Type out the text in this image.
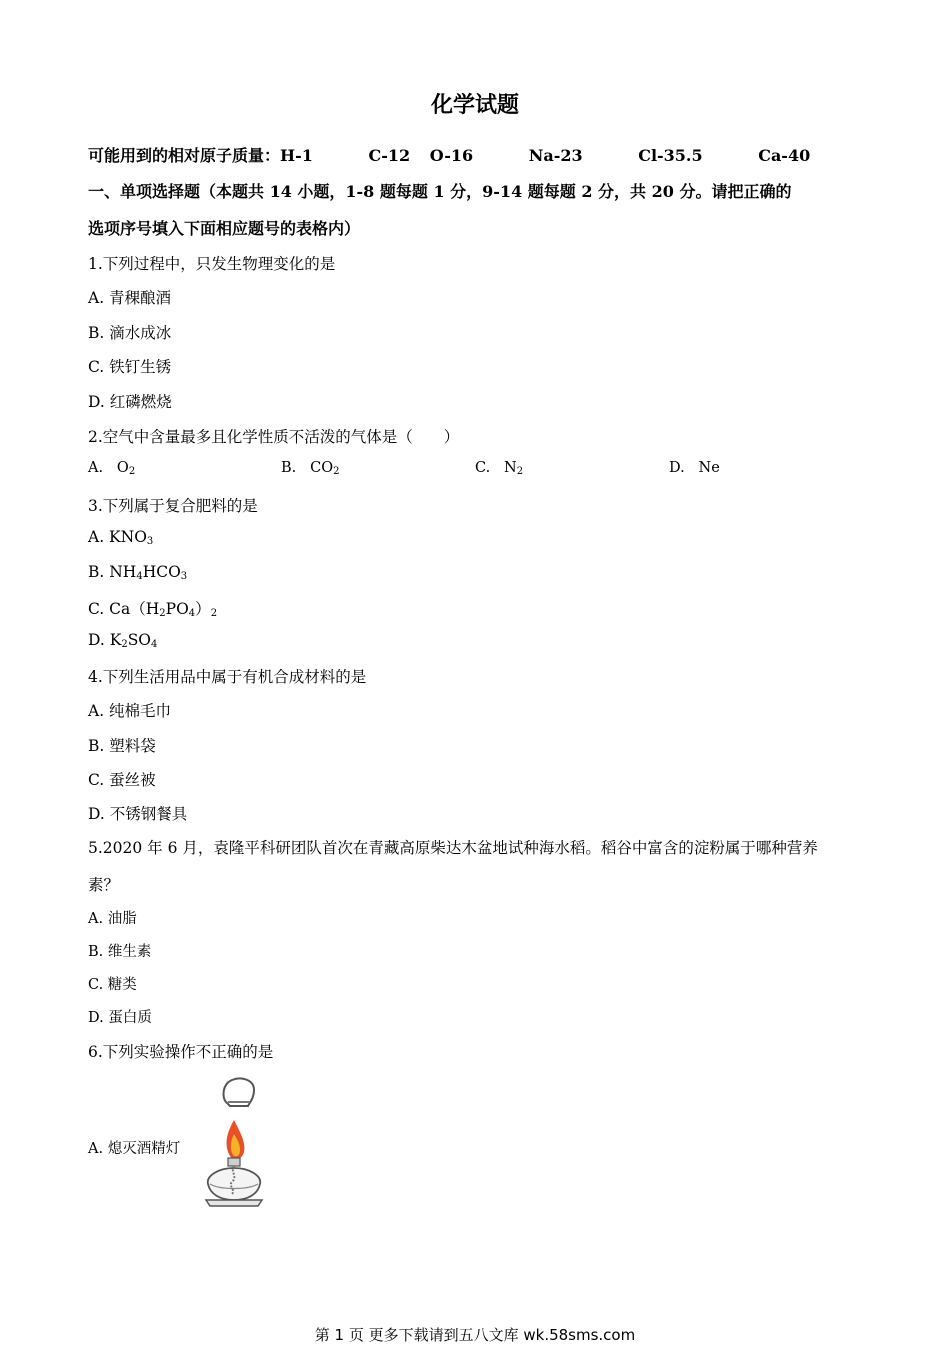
化学试题
可能用到的相对原子质量：H-1	C-12 O-16	Na-23	Cl-35.5	Ca-40
一、单项选择题（本题共 14 小题，1-8 题每题 1 分，9-14 题每题 2 分，共 20 分。请把正确的
选项序号填入下面相应题号的表格内）
1.下列过程中，只发生物理变化的是
A. 青稞酿酒
B. 滴水成冰
C. 铁钉生锈
D. 红磷燃烧
2.空气中含量最多且化学性质不活泼的气体是（　　）
A. $O_2$	B. $CO_2$	C. $N_2$	D. Ne
3.下列属于复合肥料的是
A. $KNO_3$
B. $NH_4HCO_3$
C. $Ca(H_2PO_4)_2$
D. $K_2SO_4$
4.下列生活用品中属于有机合成材料的是
A. 纯棉毛巾
B. 塑料袋
C. 蚕丝被
D. 不锈钢餐具
5.2020 年 6 月，袁隆平科研团队首次在青藏高原柴达木盆地试种海水稻。稻谷中富含的淀粉属于哪种营养
素？
A. 油脂
B. 维生素
C. 糖类
D. 蛋白质
6.下列实验操作不正确的是
A. 熄灭酒精灯
第 1 页 更多下载请到五八文库 wk.58sms.com
